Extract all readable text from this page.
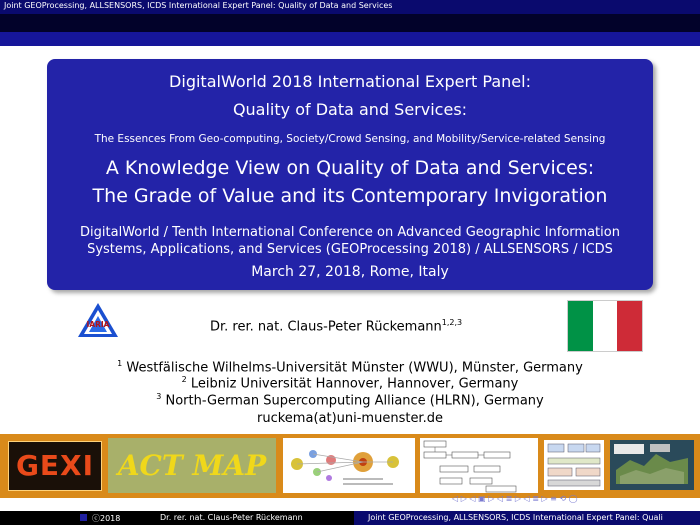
Joint GEOProcessing, ALLSENSORS, ICDS International Expert Panel: Quality of Data and Services
DigitalWorld 2018 International Expert Panel:
Quality of Data and Services:
The Essences From Geo-computing, Society/Crowd Sensing, and Mobility/Service-related Sensing
A Knowledge View on Quality of Data and Services:
The Grade of Value and its Contemporary Invigoration
DigitalWorld / Tenth International Conference on Advanced Geographic Information
Systems, Applications, and Services (GEOProcessing 2018) / ALLSENSORS / ICDS
March 27, 2018, Rome, Italy
IARIA	Dr. rer. nat. Claus-Peter Rückemann$^{1,2,3}$
$^1$ Westfälische Wilhelms-Universität Münster (WWU), Münster, Germany
$^2$ Leibniz Universität Hannover, Hannover, Germany
$^3$ North-German Supercomputing Alliance (HLRN), Germany
ruckema(at)uni-muenster.de
GEXI ACT MAP
◁ ▷ ◁ ▣ ▷ ◁ ≣ ▷ ◁ ≣ ▷ ≡ ⟲ ◯
ⓒ2018	Dr. rer. nat. Claus-Peter Rückemann	Joint GEOProcessing, ALLSENSORS, ICDS International Expert Panel: Quali
